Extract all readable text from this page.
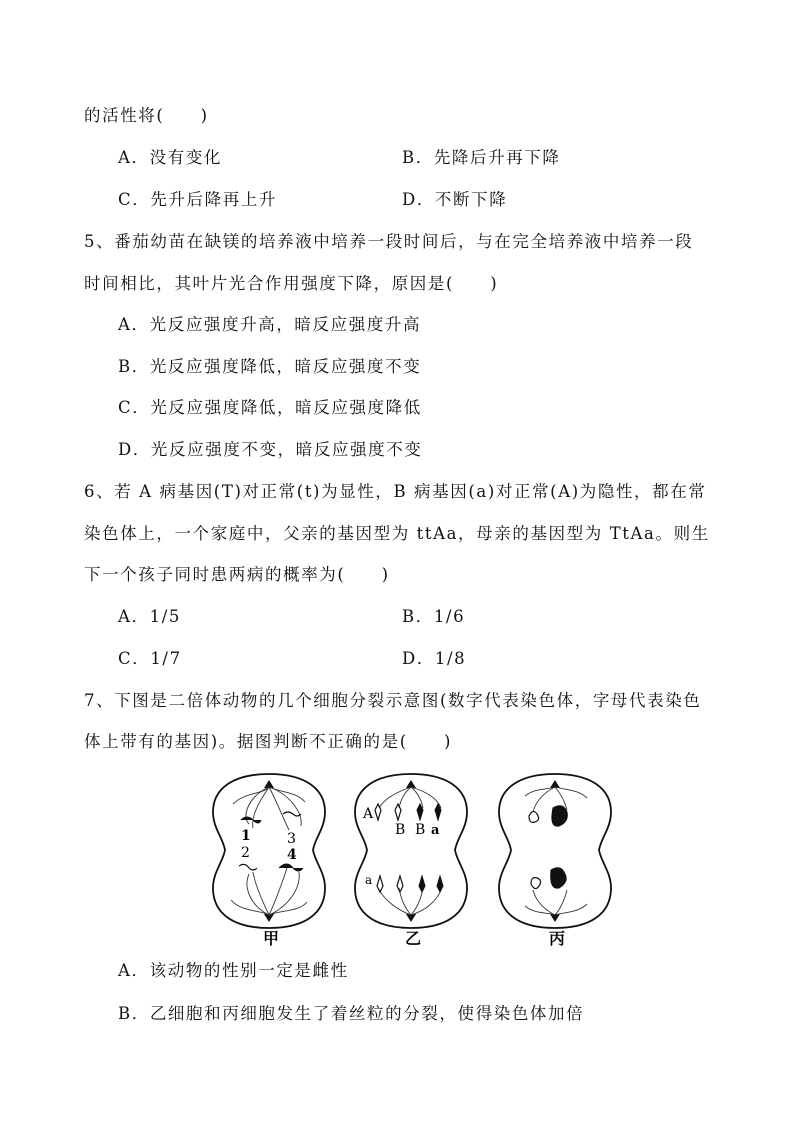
的活性将(　　)
A．没有变化	B．先降后升再下降
C．先升后降再上升	D．不断下降
5、番茄幼苗在缺镁的培养液中培养一段时间后，与在完全培养液中培养一段
时间相比，其叶片光合作用强度下降，原因是(　　)
A．光反应强度升高，暗反应强度升高
B．光反应强度降低，暗反应强度不变
C．光反应强度降低，暗反应强度降低
D．光反应强度不变，暗反应强度不变
6、若 A 病基因(T)对正常(t)为显性，B 病基因(a)对正常(A)为隐性，都在常
染色体上，一个家庭中，父亲的基因型为 ttAa，母亲的基因型为 TtAa。则生
下一个孩子同时患两病的概率为(　　)
A．1/5	B．1/6
C．1/7	D．1/8
7、下图是二倍体动物的几个细胞分裂示意图(数字代表染色体，字母代表染色
体上带有的基因)。据图判断不正确的是(　　)
1
2
3
4
甲
A
B B a
a
乙	丙
A．该动物的性别一定是雌性
B．乙细胞和丙细胞发生了着丝粒的分裂，使得染色体加倍
